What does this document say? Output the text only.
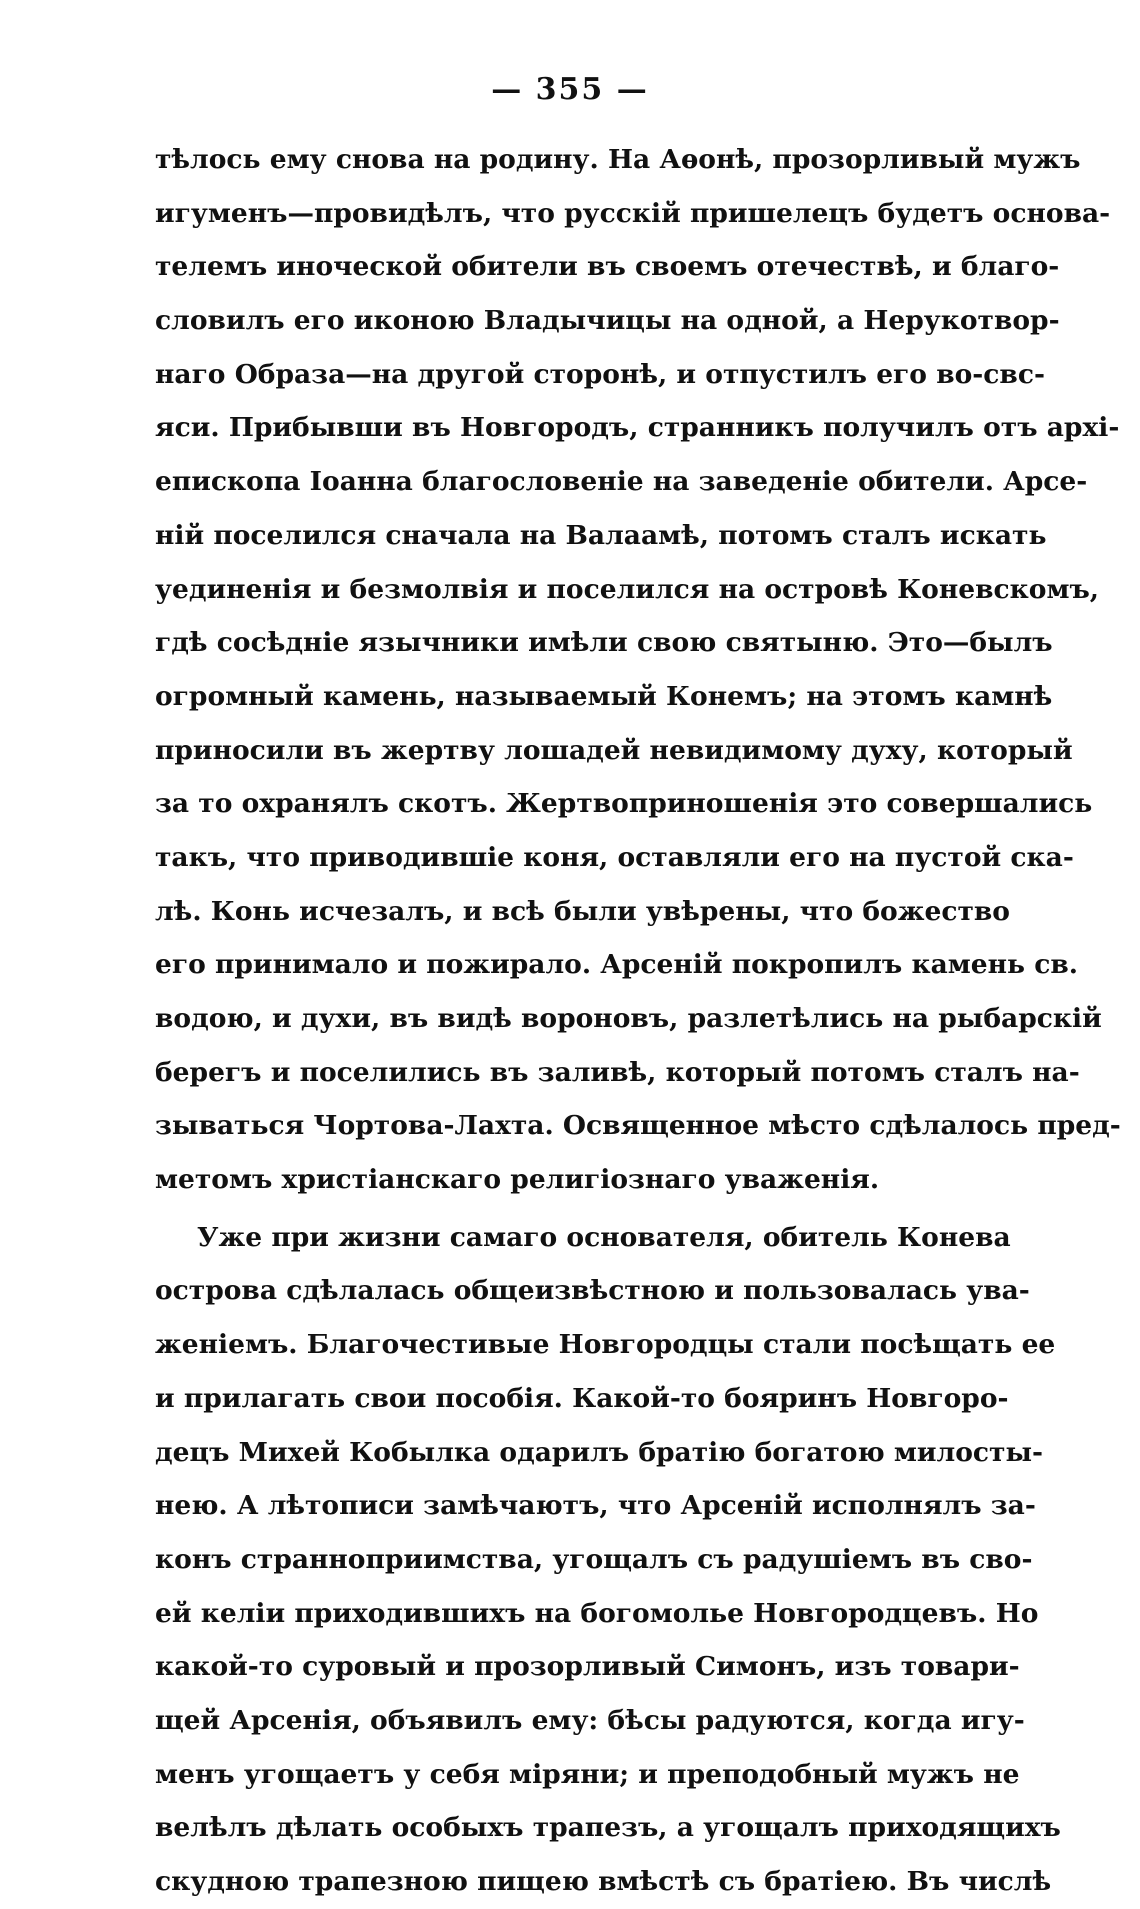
— 355 —
тѣлось ему снова на родину. На Аѳонѣ, прозорливый мужъ
игуменъ—провидѣлъ, что русскій пришелецъ будетъ основа-
телемъ иноческой обители въ своемъ отечествѣ, и благо-
словилъ его иконою Владычицы на одной, а Нерукотвор-
наго Образа—на другой сторонѣ, и отпустилъ его во-свс-
яси. Прибывши въ Новгородъ, странникъ получилъ отъ архі-
епископа Іоанна благословеніе на заведеніе обители. Арсе-
ній поселился сначала на Валаамѣ, потомъ сталъ искать
уединенія и безмолвія и поселился на островѣ Коневскомъ,
гдѣ сосѣдніе язычники имѣли свою святыню. Это—былъ
огромный камень, называемый Конемъ; на этомъ камнѣ
приносили въ жертву лошадей невидимому духу, который
за то охранялъ скотъ. Жертвоприношенія это совершались
такъ, что приводившіе коня, оставляли его на пустой ска-
лѣ. Конь исчезалъ, и всѣ были увѣрены, что божество
его принимало и пожирало. Арсеній покропилъ камень св.
водою, и духи, въ видѣ вороновъ, разлетѣлись на рыбарскій
берегъ и поселились въ заливѣ, который потомъ сталъ на-
зываться Чортова-Лахта. Освященное мѣсто сдѣлалось пред-
метомъ христіанскаго религіознаго уваженія.
Уже при жизни самаго основателя, обитель Конева
острова сдѣлалась общеизвѣстною и пользовалась ува-
женіемъ. Благочестивые Новгородцы стали посѣщать ее
и прилагать свои пособія. Какой-то бояринъ Новгоро-
децъ Михей Кобылка одарилъ братію богатою милосты-
нею. А лѣтописи замѣчаютъ, что Арсеній исполнялъ за-
конъ странноприимства, угощалъ съ радушіемъ въ сво-
ей келіи приходившихъ на богомолье Новгородцевъ. Но
какой-то суровый и прозорливый Симонъ, изъ товари-
щей Арсенія, объявилъ ему: бѣсы радуются, когда игу-
менъ угощаетъ у себя міряни; и преподобный мужъ не
велѣлъ дѣлать особыхъ трапезъ, а угощалъ приходящихъ
скудною трапезною пищею вмѣстѣ съ братіею. Въ числѣ
